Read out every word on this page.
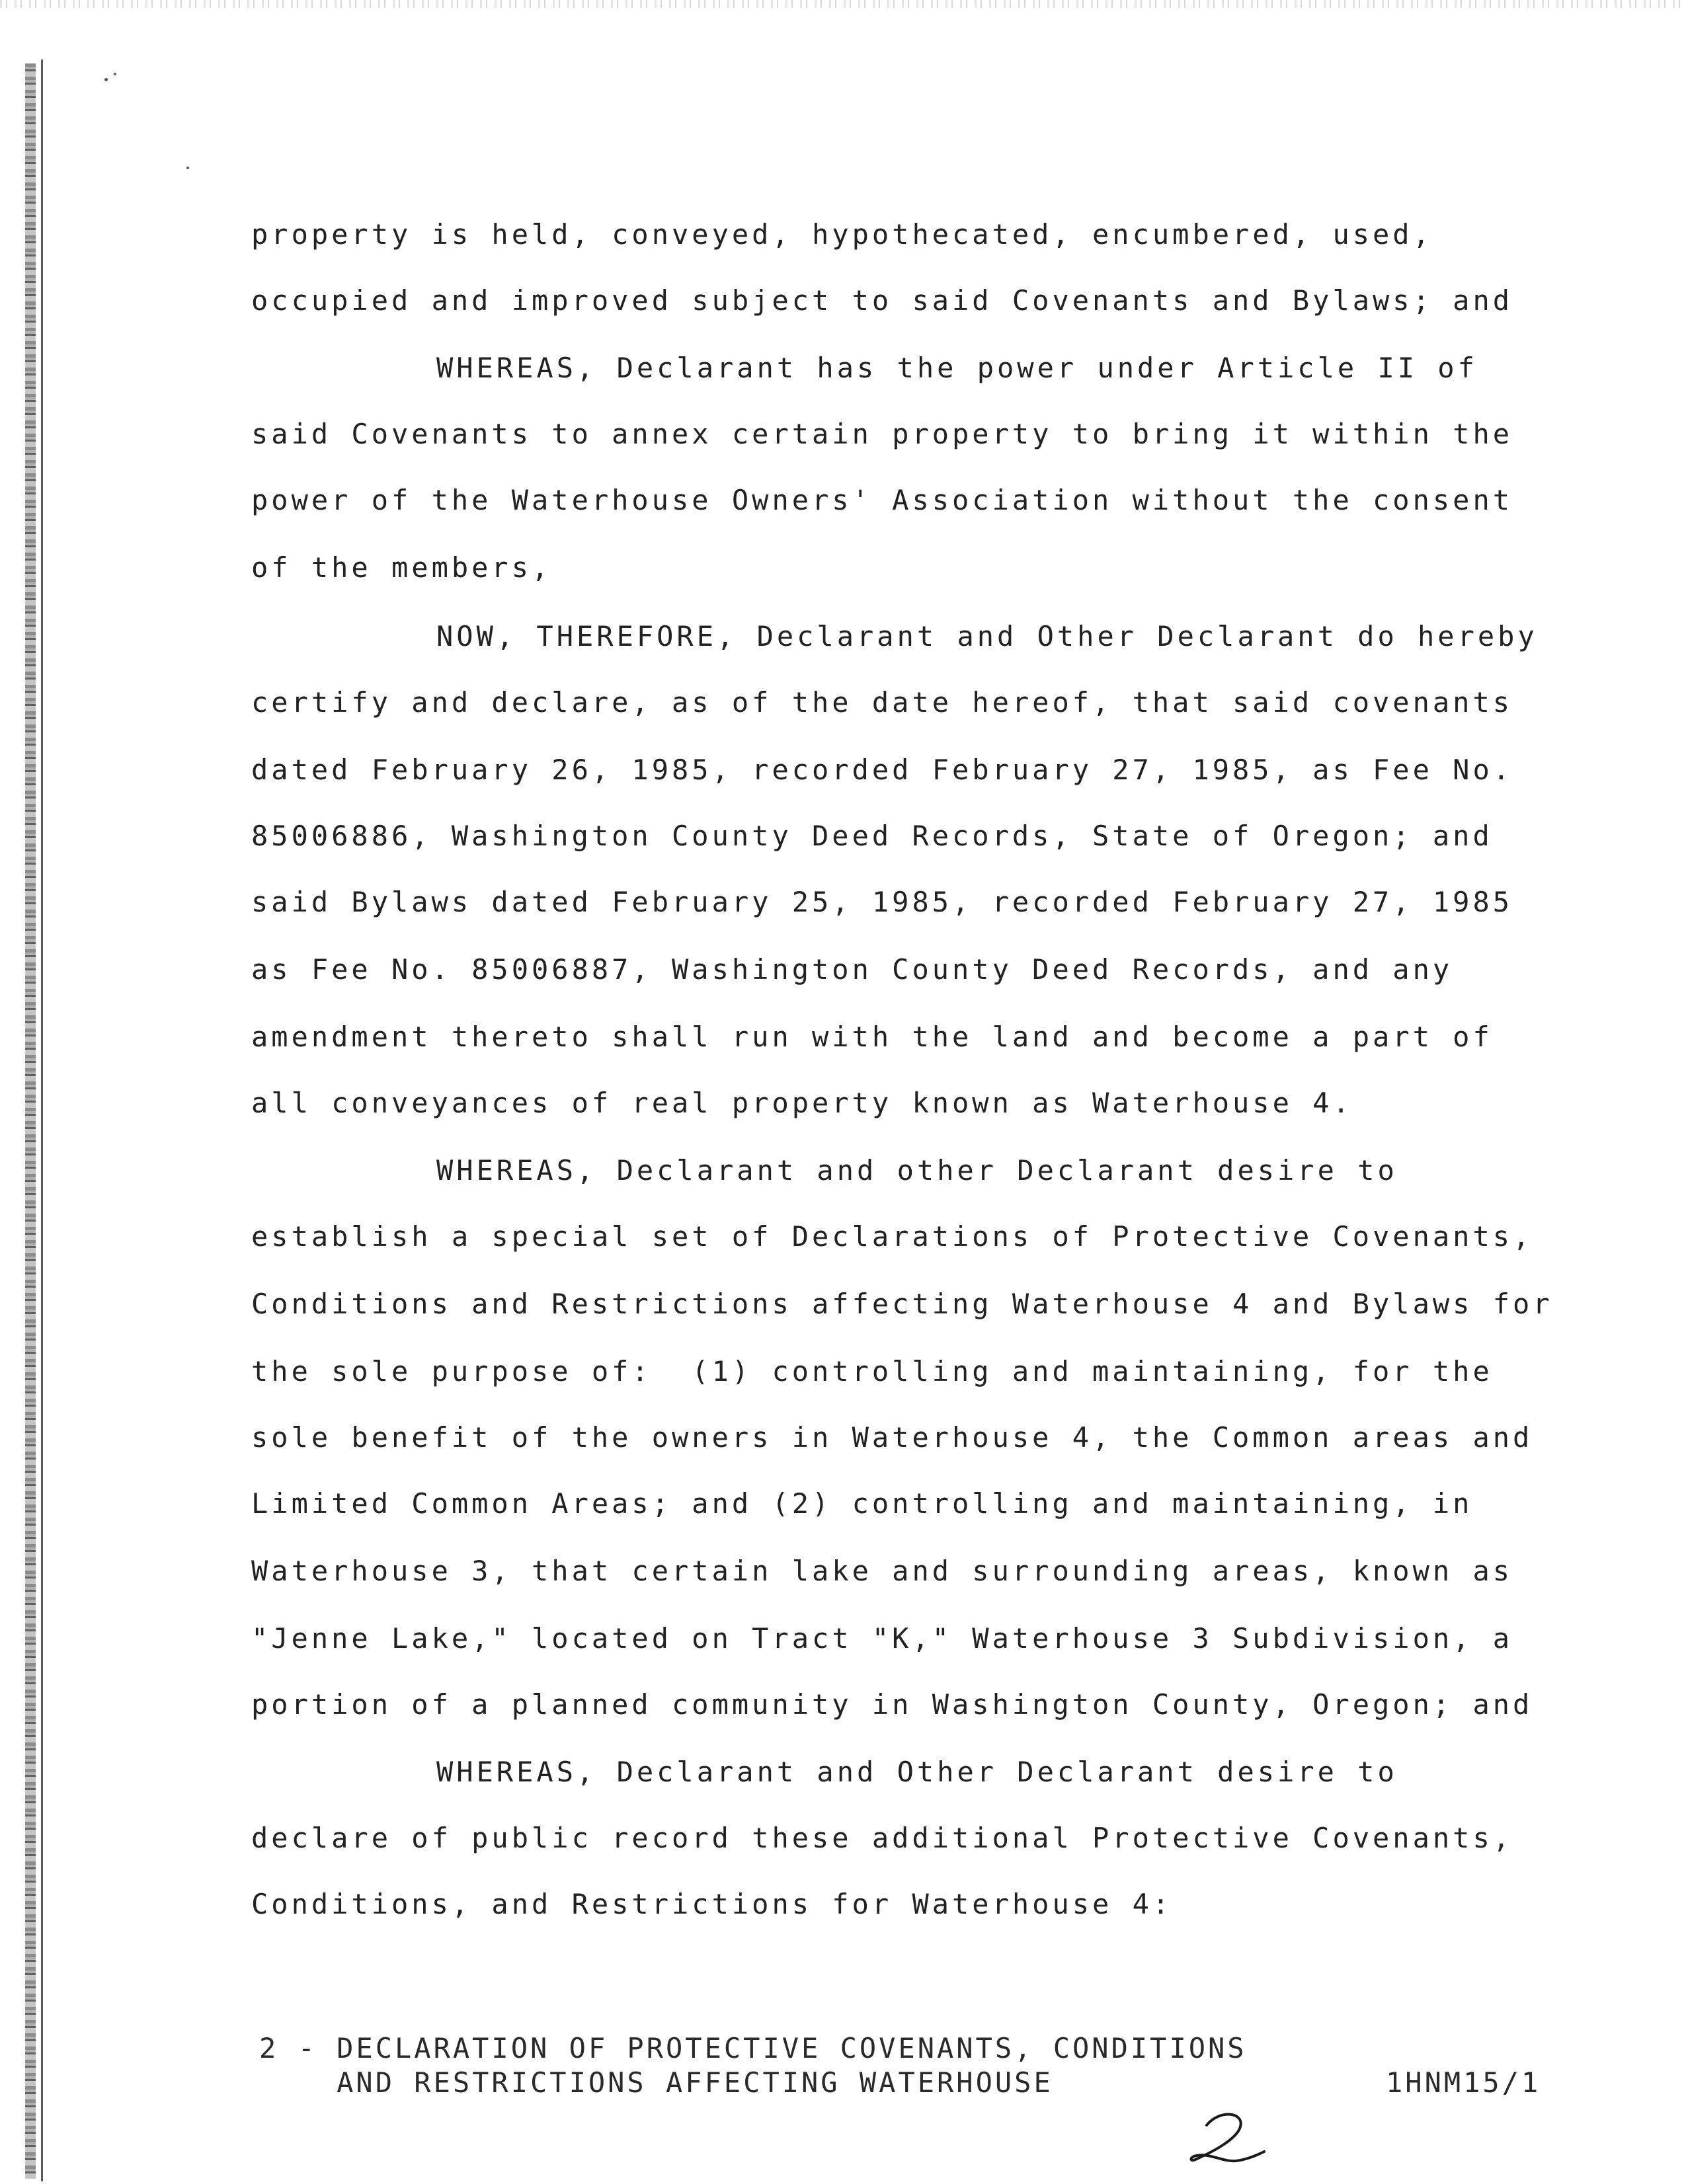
property is held, conveyed, hypothecated, encumbered, used,
occupied and improved subject to said Covenants and Bylaws; and
WHEREAS, Declarant has the power under Article II of
said Covenants to annex certain property to bring it within the
power of the Waterhouse Owners' Association without the consent
of the members,
NOW, THEREFORE, Declarant and Other Declarant do hereby
certify and declare, as of the date hereof, that said covenants
dated February 26, 1985, recorded February 27, 1985, as Fee No.
85006886, Washington County Deed Records, State of Oregon; and
said Bylaws dated February 25, 1985, recorded February 27, 1985
as Fee No. 85006887, Washington County Deed Records, and any
amendment thereto shall run with the land and become a part of
all conveyances of real property known as Waterhouse 4.
WHEREAS, Declarant and other Declarant desire to
establish a special set of Declarations of Protective Covenants,
Conditions and Restrictions affecting Waterhouse 4 and Bylaws for
the sole purpose of:  (1) controlling and maintaining, for the
sole benefit of the owners in Waterhouse 4, the Common areas and
Limited Common Areas; and (2) controlling and maintaining, in
Waterhouse 3, that certain lake and surrounding areas, known as
"Jenne Lake," located on Tract "K," Waterhouse 3 Subdivision, a
portion of a planned community in Washington County, Oregon; and
WHEREAS, Declarant and Other Declarant desire to
declare of public record these additional Protective Covenants,
Conditions, and Restrictions for Waterhouse 4:
2 - DECLARATION OF PROTECTIVE COVENANTS, CONDITIONS
AND RESTRICTIONS AFFECTING WATERHOUSE	1HNM15/1
